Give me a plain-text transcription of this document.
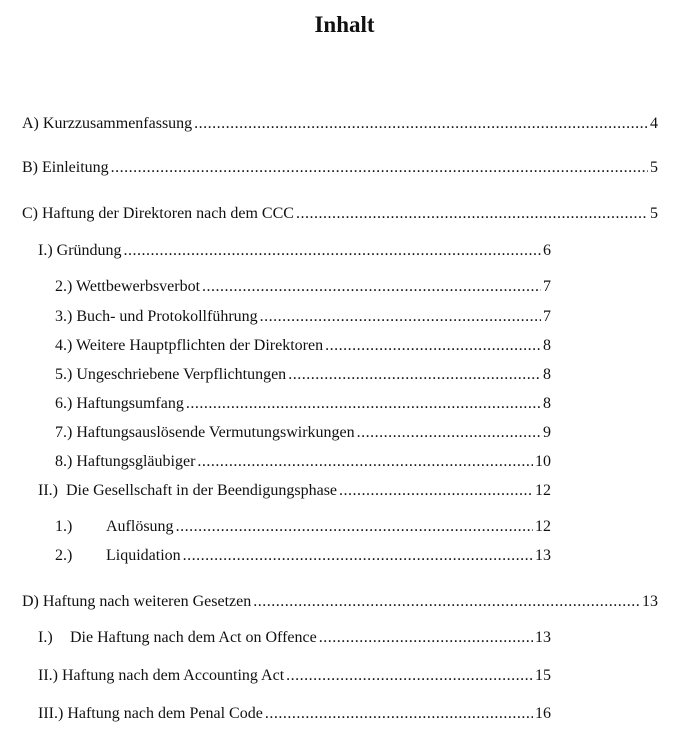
Inhalt
A) Kurzzusammenfassung .....	4
B) Einleitung .....	5
C) Haftung der Direktoren nach dem CCC .....	5
I.) Gründung .....	6
2.) Wettbewerbsverbot .....	7
3.) Buch- und Protokollführung .....	7
4.) Weitere Hauptpflichten der Direktoren .....	8
5.) Ungeschriebene Verpflichtungen .....	8
6.) Haftungsumfang .....	8
7.) Haftungsauslösende Vermutungswirkungen .....	9
8.) Haftungsgläubiger .....	10
II.)  Die Gesellschaft in der Beendigungsphase .....	12
1.)	Auflösung .....	12
2.)	Liquidation .....	13
D) Haftung nach weiteren Gesetzen .....	13
I.)	Die Haftung nach dem Act on Offence .....	13
II.) Haftung nach dem Accounting Act .....	15
III.) Haftung nach dem Penal Code .....	16
